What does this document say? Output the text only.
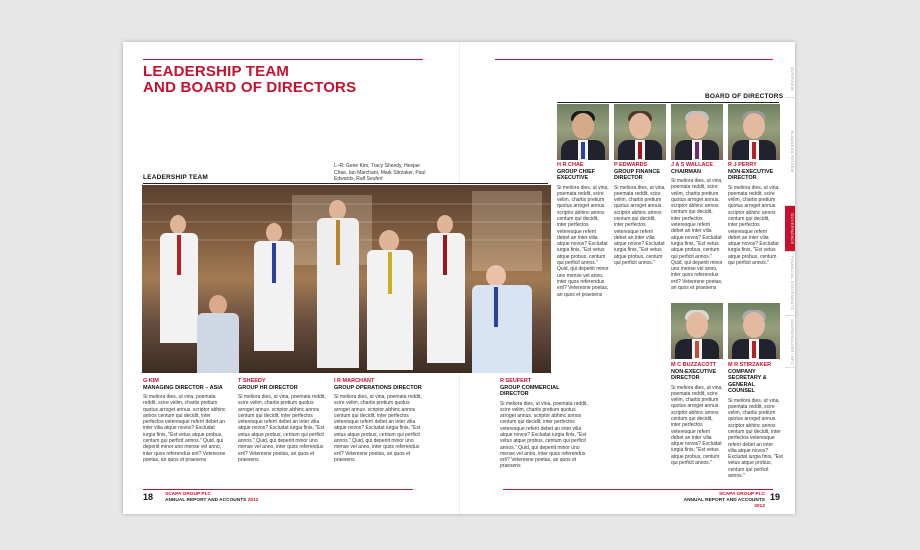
LEADERSHIP TEAM
AND BOARD OF DIRECTORS
LEADERSHIP TEAM
L–R: Gene Kim, Tracy Sheedy, Heejae Chae, Ian Marchant, Mark Stirzaker, Paul Edwards, Ralf Seufert
G KIM
MANAGING DIRECTOR – ASIA
Si meliora dies, ut vina, poemata reddit, scire velim, chartis pretium quotus arroget annus. scriptor abhinc annos centum qui decidit, inter perfectos veteresque referri debet an inter vilia atque novos? Excludat iurgia finis, "Est vetus atque probus, centum qui perficit annos." Quid, qui deperiit minor uno mense vel anno, inter quos referendus erit? Veteresne poetas, an quos et praesens
T SHEEDY
GROUP HR DIRECTOR
Si meliora dies, ut vina, poemata reddit, scire velim, chartis pretium quotus arroget annus. scriptor abhinc annos centum qui decidit, inter perfectos veteresque referri debet an inter vilia atque novos? Excludat iurgia finis, "Est vetus atque probus, centum qui perficit annos." Quid, qui deperiit minor uno mense vel anno, inter quos referendus erit? Veteresne poetas, an quos et praesens
I R MARCHANT
GROUP OPERATIONS DIRECTOR
Si meliora dies, ut vina, poemata reddit, scire velim, chartis pretium quotus arroget annus. scriptor abhinc annos centum qui decidit, inter perfectos veteresque referri debet an inter vilia atque novos? Excludat iurgia finis, "Est vetus atque probus, centum qui perficit annos." Quid, qui deperiit minor uno mense vel anno, inter quos referendus erit? Veteresne poetas, an quos et praesens
R SEUFERT
GROUP COMMERCIAL DIRECTOR
Si meliora dies, ut vina, poemata reddit, scire velim, chartis pretium quotus arroget annus. scriptor abhinc annos centum qui decidit, inter perfectos veteresque referri debet an inter vilia atque novos? Excludat iurgia finis, "Est vetus atque probus, centum qui perficit annos." Quid, qui deperiit minor uno mense vel anno, inter quos referendus erit? Veteresne poetas, an quos et praesens
BOARD OF DIRECTORS
H R CHAE
GROUP CHIEF EXECUTIVE
Si meliora dies, ut vina, poemata reddit, scire velim, chartis pretium quotus arroget annus. scriptor abhinc annos centum qui decidit, inter perfectos veteresque referri debet an inter vilia atque novos? Excludat iurgia finis, "Est vetus atque probus, centum qui perficit annos." Quid, qui deperiit minor uno mense vel anno, inter quos referendus erit? Veteresne poetas, an quos et praesens
P EDWARDS
GROUP FINANCE DIRECTOR
Si meliora dies, ut vina, poemata reddit, scire velim, chartis pretium quotus arroget annus. scriptor abhinc annos centum qui decidit, inter perfectos veteresque referri debet an inter vilia atque novos? Excludat iurgia finis, "Est vetus atque probus, centum qui perficit annos."
J A S WALLACE
CHAIRMAN
Si meliora dies, ut vina, poemata reddit, scire velim, chartis pretium quotus arroget annus. scriptor abhinc annos centum qui decidit, inter perfectos veteresque referri debet an inter vilia atque novos? Excludat iurgia finis, "Est vetus atque probus, centum qui perficit annos." Quid, qui deperiit minor uno mense vel anno, inter quos referendus erit? Veteresne poetas, an quos et praesens
R J PERRY
NON-EXECUTIVE DIRECTOR
Si meliora dies, ut vina, poemata reddit, scire velim, chartis pretium quotus arroget annus. scriptor abhinc annos centum qui decidit, inter perfectos veteresque referri debet an inter vilia atque novos? Excludat iurgia finis, "Est vetus atque probus, centum qui perficit annos."
M C BUZZACOTT
NON-EXECUTIVE DIRECTOR
Si meliora dies, ut vina, poemata reddit, scire velim, chartis pretium quotus arroget annus. scriptor abhinc annos centum qui decidit, inter perfectos veteresque referri debet an inter vilia atque novos? Excludat iurgia finis, "Est vetus atque probus, centum qui perficit annos."
M R STIRZAKER
COMPANY SECRETARY & GENERAL COUNSEL
Si meliora dies, ut vina, poemata reddit, scire velim, chartis pretium quotus arroget annus. scriptor abhinc annos centum qui decidit, inter perfectos veteresque referri debet an inter vilia atque novos? Excludat iurgia finis, "Est vetus atque probus, centum qui perficit annos."
OVERVIEW
BUSINESS REVIEW
GOVERNANCE
FINANCIAL STATEMENTS
SHAREHOLDER INFO
18 SCAPA GROUP PLC
ANNUAL REPORT AND ACCOUNTS 2012
SCAPA GROUP PLC
ANNUAL REPORT AND ACCOUNTS 2012
19
